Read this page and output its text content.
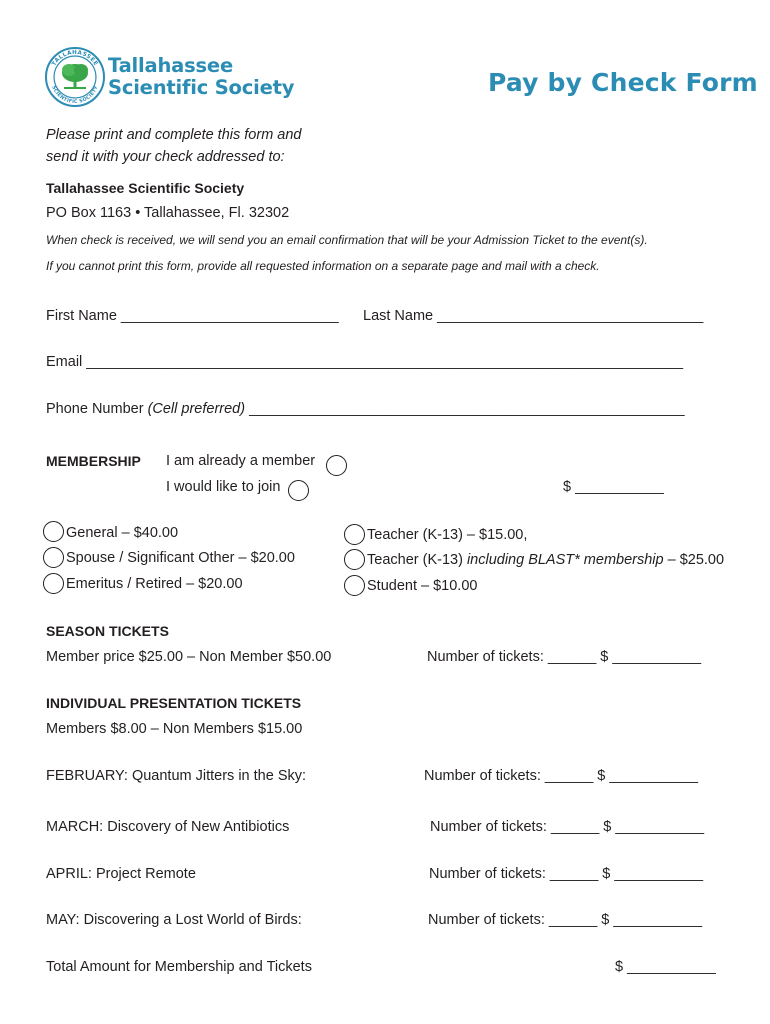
TALLAHASSEE
SCIENTIFIC SOCIETY
Tallahassee
Scientific Society	Pay by Check Form
Please print and complete this form and
send it with your check addressed to:
Tallahassee Scientific Society
PO Box 1163 • Tallahassee, Fl. 32302
When check is received, we will send you an email confirmation that will be your Admission Ticket to the event(s).
If you cannot print this form, provide all requested information on a separate page and mail with a check.
First Name ___________________________ Last Name _________________________________
Email __________________________________________________________________________
Phone Number (Cell preferred) ______________________________________________________
MEMBERSHIP I am already a member
I would like to join	$ ___________
General – $40.00
Spouse / Significant Other – $20.00
Emeritus / Retired – $20.00
Teacher (K-13) – $15.00,
Teacher (K-13) including BLAST* membership – $25.00
Student – $10.00
SEASON TICKETS
Member price $25.00 – Non Member $50.00	Number of tickets: ______ $ ___________
INDIVIDUAL PRESENTATION TICKETS
Members $8.00 – Non Members $15.00
FEBRUARY: Quantum Jitters in the Sky:	Number of tickets: ______ $ ___________
MARCH: Discovery of New Antibiotics	Number of tickets: ______ $ ___________
APRIL: Project Remote	Number of tickets: ______ $ ___________
MAY: Discovering a Lost World of Birds:	Number of tickets: ______ $ ___________
Total Amount for Membership and Tickets	$ ___________
